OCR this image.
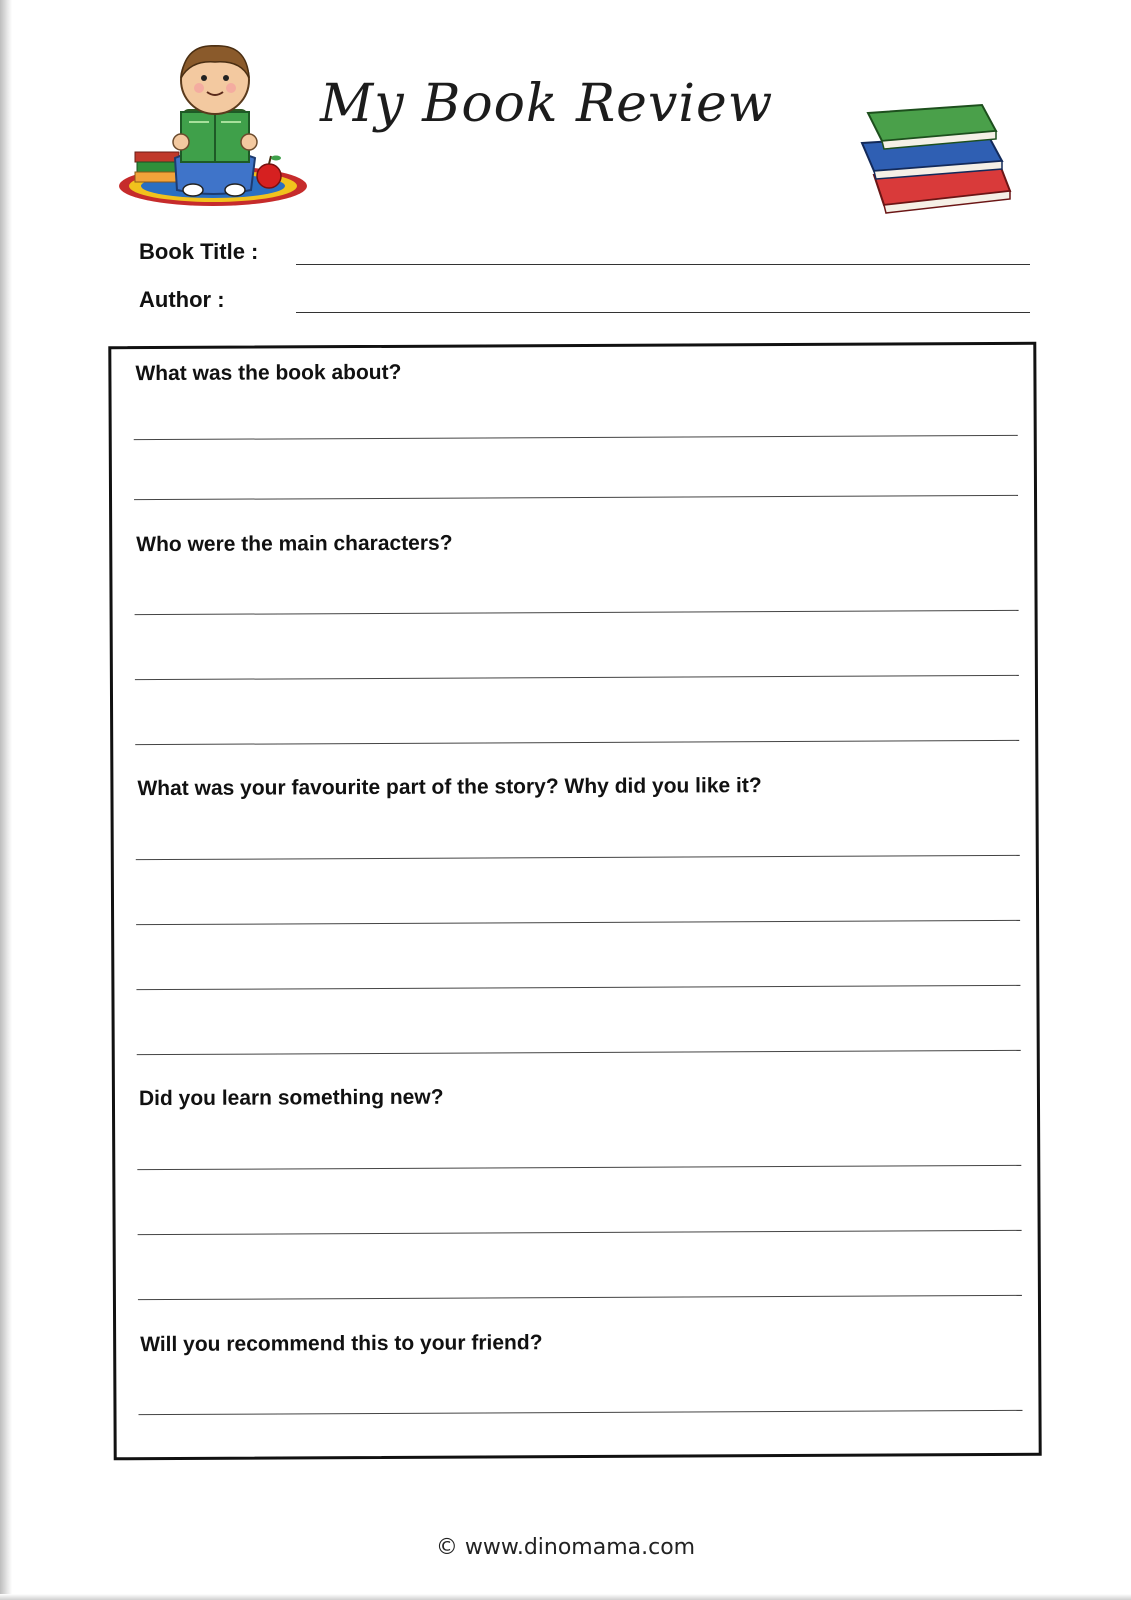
My Book Review
Book Title :
Author :
What was the book about?
Who were the main characters?
What was your favourite part of the story? Why did you like it?
Did you learn something new?
Will you recommend this to your friend?
© www.dinomama.com
